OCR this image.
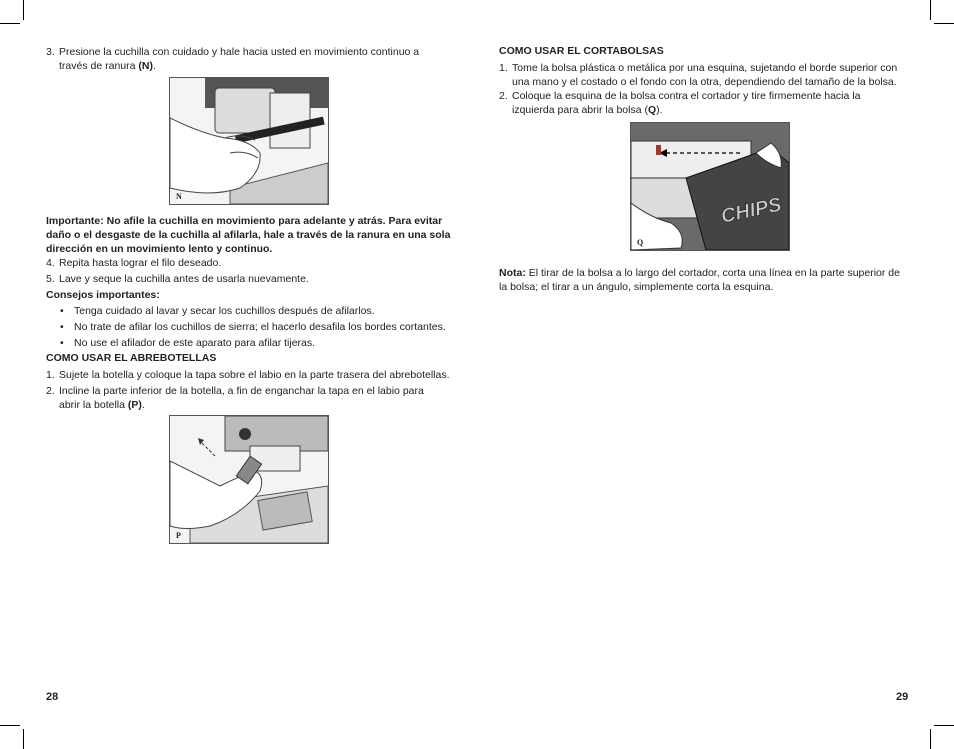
3. Presione la cuchilla con cuidado y hale hacia usted en movimiento continuo a
través de ranura (N).
N
Importante: No afile la cuchilla en movimiento para adelante y atrás. Para evitar
daño o el desgaste de la cuchilla al afilarla, hale a través de la ranura en una sola
dirección en un movimiento lento y continuo.
4. Repita hasta lograr el filo deseado.
5. Lave y seque la cuchilla antes de usarla nuevamente.
Consejos importantes:
• Tenga cuidado al lavar y secar los cuchillos después de afilarlos.
• No trate de afilar los cuchillos de sierra; el hacerlo desafila los bordes cortantes.
• No use el afilador de este aparato para afilar tijeras.
COMO USAR EL ABREBOTELLAS
1. Sujete la botella y coloque la tapa sobre el labio en la parte trasera del abrebotellas.
2. Incline la parte inferior de la botella, a fin de enganchar la tapa en el labio para
abrir la botella (P).
P
28
COMO USAR EL CORTABOLSAS
1. Tome la bolsa plástica o metálica por una esquina, sujetando el borde superior con
una mano y el costado o el fondo con la otra, dependiendo del tamaño de la bolsa.
2. Coloque la esquina de la bolsa contra el cortador y tire firmemente hacia la
izquierda para abrir la bolsa (Q).
CHIPS
Q
Nota: El tirar de la bolsa a lo largo del cortador, corta una línea en la parte superior de
la bolsa; el tirar a un ángulo, simplemente corta la esquina.
29
